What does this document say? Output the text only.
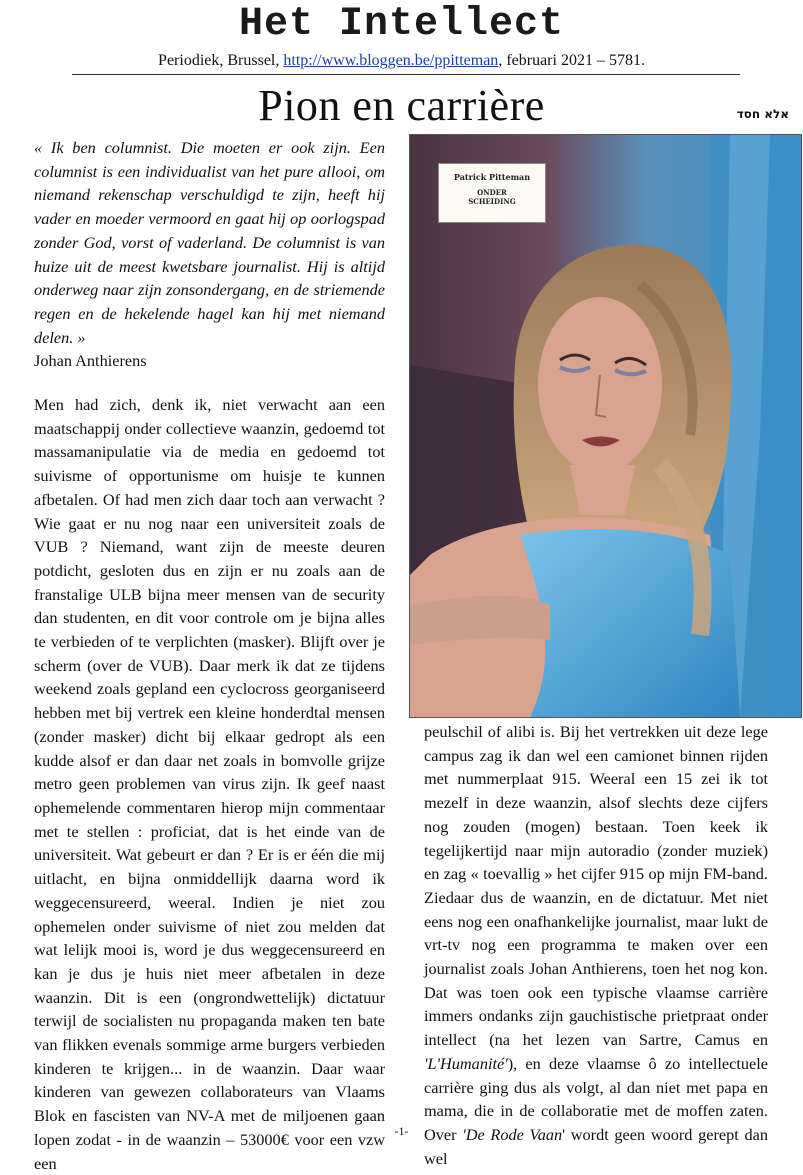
Het Intellect
Periodiek, Brussel, http://www.bloggen.be/ppitteman, februari 2021 – 5781.
Pion en carrière	אלא חסד

« Ik ben columnist. Die moeten er ook zijn. Een columnist is een individualist van het pure allooi, om niemand rekenschap verschuldigd te zijn, heeft hij vader en moeder vermoord en gaat hij op oorlogspad zonder God, vorst of vaderland. De columnist is van huize uit de meest kwetsbare journalist. Hij is altijd onderweg naar zijn zonsondergang, en de striemende regen en de hekelende hagel kan hij met niemand delen. »

Johan Anthierens

Men had zich, denk ik, niet verwacht aan een maatschappij onder collectieve waanzin, gedoemd tot massamanipulatie via de media en gedoemd tot suivisme of opportunisme om huisje te kunnen afbetalen. Of had men zich daar toch aan verwacht ? Wie gaat er nu nog naar een universiteit zoals de VUB ? Niemand, want zijn de meeste deuren potdicht, gesloten dus en zijn er nu zoals aan de franstalige ULB bijna meer mensen van de security dan studenten, en dit voor controle om je bijna alles te verbieden of te verplichten (masker). Blijft over je scherm (over de VUB). Daar merk ik dat ze tijdens weekend zoals gepland een cyclocross georganiseerd hebben met bij vertrek een kleine honderdtal mensen (zonder masker) dicht bij elkaar gedropt als een kudde alsof er dan daar net zoals in bomvolle grijze metro geen problemen van virus zijn. Ik geef naast ophemelende commentaren hierop mijn commentaar met te stellen : proficiat, dat is het einde van de universiteit. Wat gebeurt er dan ? Er is er één die mij uitlacht, en bijna onmiddellijk daarna word ik weggecensureerd, weeral. Indien je niet zou ophemelen onder suivisme of niet zou melden dat wat lelijk mooi is, word je dus weggecensureerd en kan je dus je huis niet meer afbetalen in deze waanzin. Dit is een (ongrondwettelijk) dictatuur terwijl de socialisten nu propaganda maken ten bate van flikken evenals sommige arme burgers verbieden kinderen te krijgen... in de waanzin. Daar waar kinderen van gewezen collaborateurs van Vlaams Blok en fascisten van NV-A met de miljoenen gaan lopen zodat - in de waanzin – 53000€ voor een vzw een

Patrick Pitteman
ONDER
SCHEIDING
peulschil of alibi is. Bij het vertrekken uit deze lege campus zag ik dan wel een camionet binnen rijden met nummerplaat 915. Weeral een 15 zei ik tot mezelf in deze waanzin, alsof slechts deze cijfers nog zouden (mogen) bestaan. Toen keek ik tegelijkertijd naar mijn autoradio (zonder muziek) en zag « toevallig » het cijfer 915 op mijn FM-band. Ziedaar dus de waanzin, en de dictatuur. Met niet eens nog een onafhankelijke journalist, maar lukt de vrt-tv nog een programma te maken over een journalist zoals Johan Anthierens, toen het nog kon. Dat was toen ook een typische vlaamse carrière immers ondanks zijn gauchistische prietpraat onder intellect (na het lezen van Sartre, Camus en 'L'Humanité'), en deze vlaamse ô zo intellectuele carrière ging dus als volgt, al dan niet met papa en mama, die in de collaboratie met de moffen zaten. Over 'De Rode Vaan' wordt geen woord gerept dan wel
-1-
